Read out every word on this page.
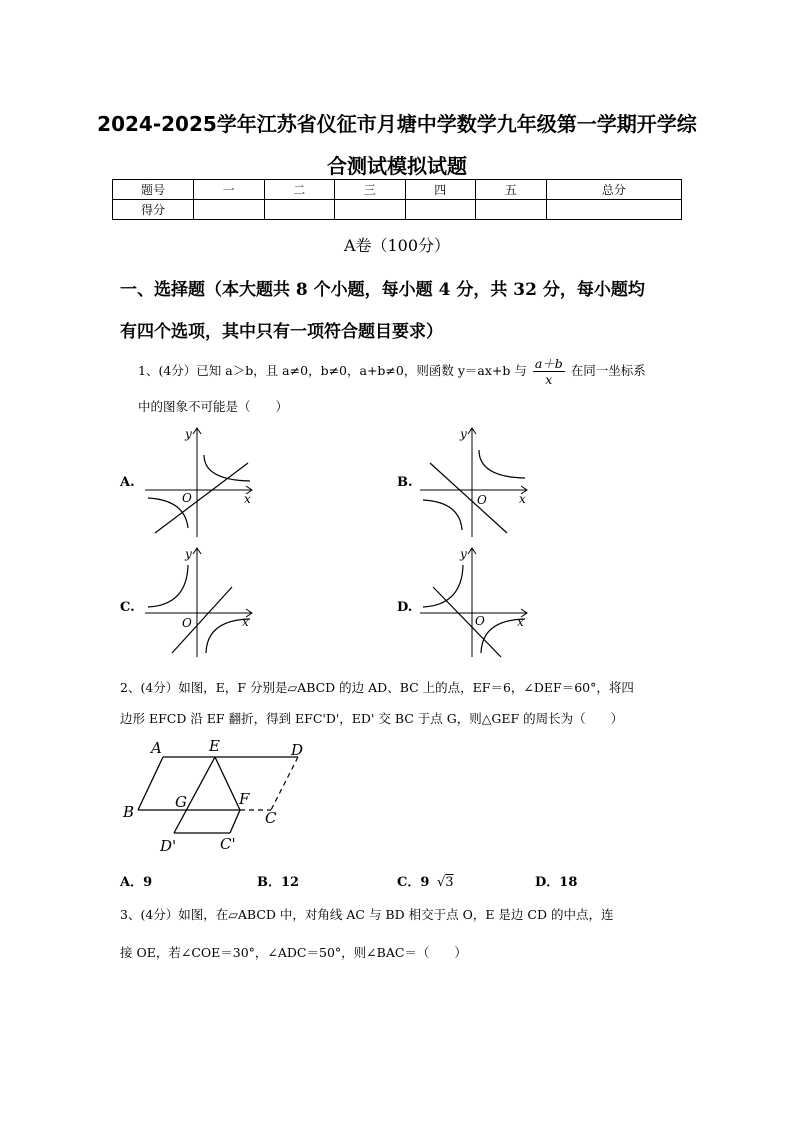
2024-2025学年江苏省仪征市月塘中学数学九年级第一学期开学综
合测试模拟试题
题号	一	二	三	四	五	总分
得分						
A卷（100分）
一、选择题（本大题共 8 个小题，每小题 4 分，共 32 分，每小题均
有四个选项，其中只有一项符合题目要求）
1、(4分）已知 a＞b，且 a≠0，b≠0，a+b≠0，则函数 y＝ax+b 与 $\frac{a+b}{x}$ 在同一坐标系
中的图象不可能是（　　）
A.	B.
C.	D.
y
x
O
y
x
O
y
x
O
y
x
O
2、(4分）如图，E，F 分别是▱ABCD 的边 AD、BC 上的点，EF＝6，∠DEF＝60°，将四
边形 EFCD 沿 EF 翻折，得到 EFC'D'，ED' 交 BC 于点 G，则△GEF 的周长为（　　）
A	E	D
B
G	F
C
D'	C'
A．9	B．12	C．9 √3	D．18
3、(4分）如图，在▱ABCD 中，对角线 AC 与 BD 相交于点 O，E 是边 CD 的中点，连
接 OE，若∠COE＝30°，∠ADC＝50°，则∠BAC＝（　　）
